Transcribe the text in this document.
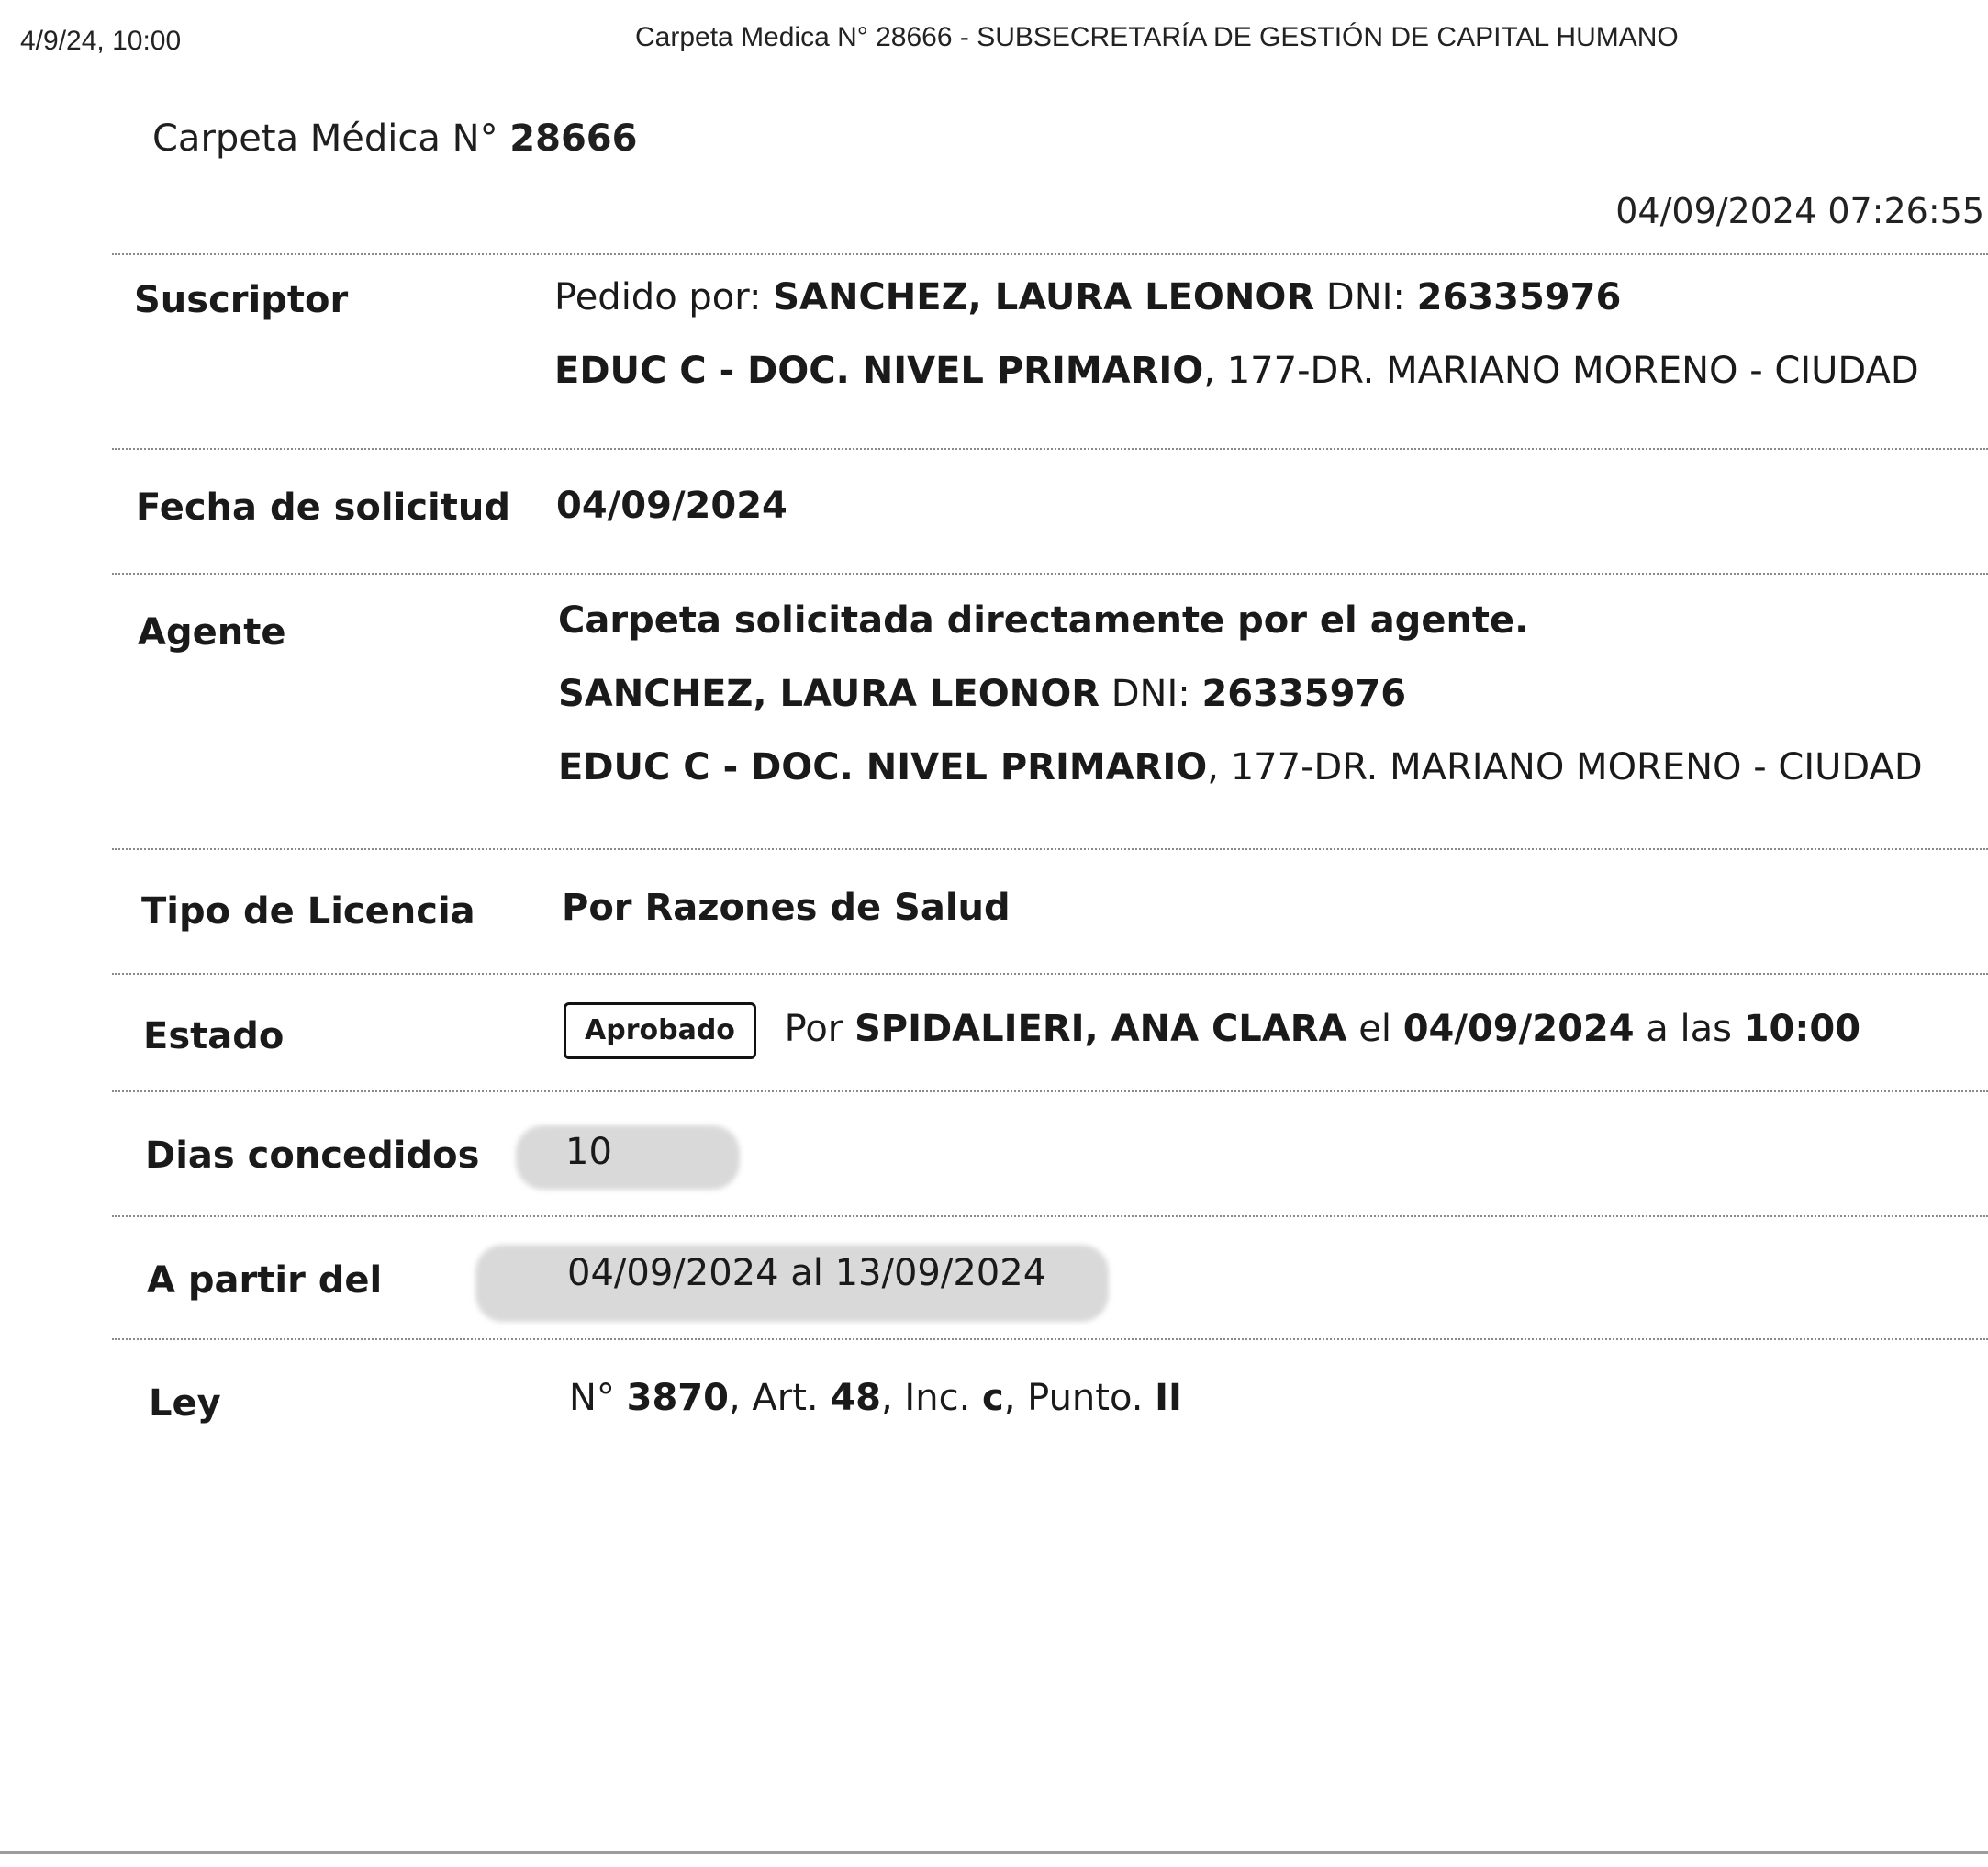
4/9/24, 10:00	Carpeta Medica N° 28666 - SUBSECRETARÍA DE GESTIÓN DE CAPITAL HUMANO
Carpeta Médica N° 28666
04/09/2024 07:26:55
Suscriptor	Pedido por: SANCHEZ, LAURA LEONOR DNI: 26335976
EDUC C - DOC. NIVEL PRIMARIO, 177-DR. MARIANO MORENO - CIUDAD
Fecha de solicitud 04/09/2024
Agente	Carpeta solicitada directamente por el agente.
SANCHEZ, LAURA LEONOR DNI: 26335976
EDUC C - DOC. NIVEL PRIMARIO, 177-DR. MARIANO MORENO - CIUDAD
Tipo de Licencia Por Razones de Salud
Estado	Aprobado Por SPIDALIERI, ANA CLARA el 04/09/2024 a las 10:00
Dias concedidos 10
A partir del	04/09/2024 al 13/09/2024
Ley	N° 3870, Art. 48, Inc. c, Punto. II
